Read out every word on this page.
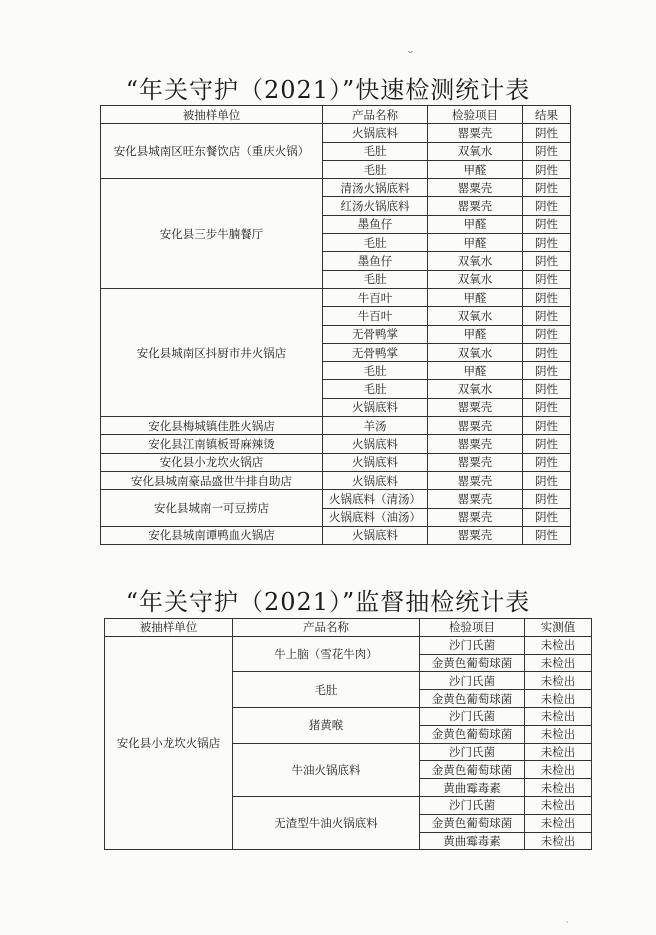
ᵕ
“年关守护（2021）”快速检测统计表
被抽样单位	产品名称	检验项目	结果
安化县城南区旺东餐饮店（重庆火锅）	火锅底料	罂粟壳	阴性
	毛肚	双氧水	阴性
	毛肚	甲醛	阴性
安化县三步牛腩餐厅	清汤火锅底料	罂粟壳	阴性
	红汤火锅底料	罂粟壳	阴性
	墨鱼仔	甲醛	阴性
	毛肚	甲醛	阴性
	墨鱼仔	双氧水	阴性
	毛肚	双氧水	阴性
安化县城南区抖厨市井火锅店	牛百叶	甲醛	阴性
	牛百叶	双氧水	阴性
	无骨鸭掌	甲醛	阴性
	无骨鸭掌	双氧水	阴性
	毛肚	甲醛	阴性
	毛肚	双氧水	阴性
	火锅底料	罂粟壳	阴性
安化县梅城镇佳胜火锅店	羊汤	罂粟壳	阴性
安化县江南镇板哥麻辣烫	火锅底料	罂粟壳	阴性
安化县小龙坎火锅店	火锅底料	罂粟壳	阴性
安化县城南豪品盛世牛排自助店	火锅底料	罂粟壳	阴性
安化县城南一可豆捞店	火锅底料（清汤）	罂粟壳	阴性
	火锅底料（油汤）	罂粟壳	阴性
安化县城南谭鸭血火锅店	火锅底料	罂粟壳	阴性
“年关守护（2021）”监督抽检统计表
被抽样单位	产品名称	检验项目	实测值
安化县小龙坎火锅店	牛上脑（雪花牛肉）	沙门氏菌	未检出
		金黄色葡萄球菌	未检出
	毛肚	沙门氏菌	未检出
		金黄色葡萄球菌	未检出
	猪黄喉	沙门氏菌	未检出
		金黄色葡萄球菌	未检出
	牛油火锅底料	沙门氏菌	未检出
		金黄色葡萄球菌	未检出
		黄曲霉毒素	未检出
	无渣型牛油火锅底料	沙门氏菌	未检出
		金黄色葡萄球菌	未检出
		黄曲霉毒素	未检出
·
